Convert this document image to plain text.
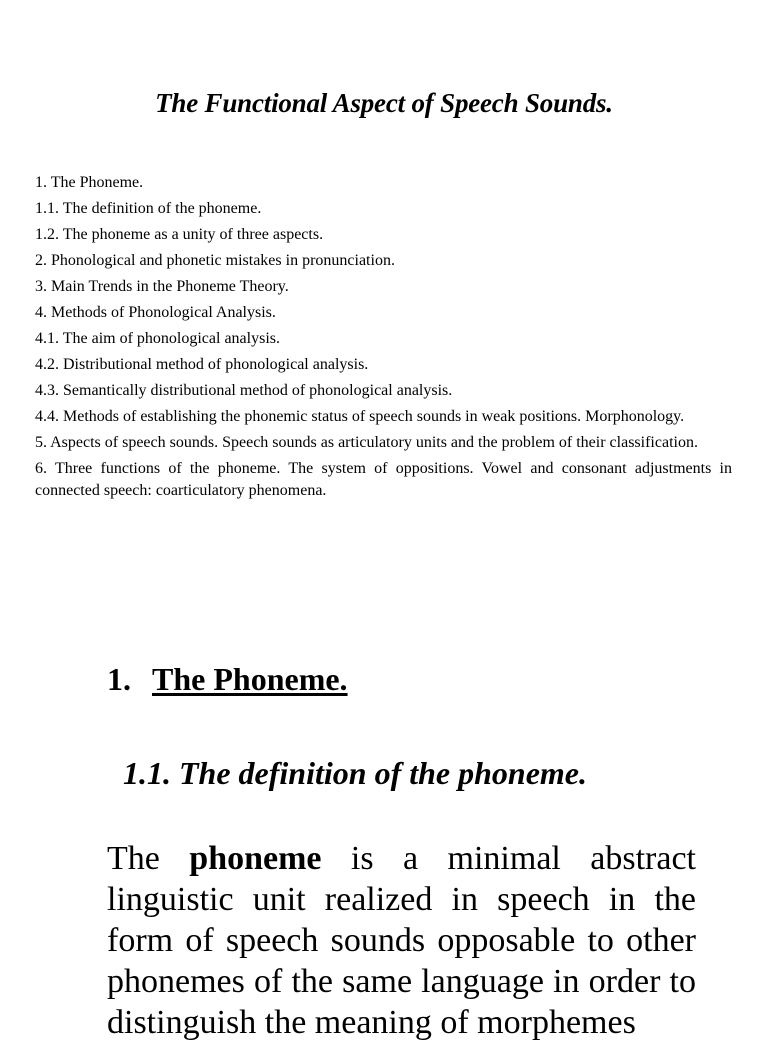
The Functional Aspect of Speech Sounds.
1. The Phoneme.
1.1. The definition of the phoneme.
1.2. The phoneme as a unity of three aspects.
2. Phonological and phonetic mistakes in pronunciation.
3. Main Trends in the Phoneme Theory.
4. Methods of Phonological Analysis.
4.1. The aim of phonological analysis.
4.2. Distributional method of phonological analysis.
4.3. Semantically distributional method of phonological analysis.
4.4. Methods of establishing the phonemic status of speech sounds in weak positions. Morphonology.
5. Aspects of speech sounds. Speech sounds as articulatory units and the problem of their classification.
6. Three functions of the phoneme. The system of oppositions. Vowel and consonant adjustments in connected speech: coarticulatory phenomena.
1. The Phoneme.
1.1. The definition of the phoneme.

The phoneme is a minimal abstract linguistic unit realized in speech in the form of speech sounds opposable to other phonemes of the same language in order to distinguish the meaning of morphemes
